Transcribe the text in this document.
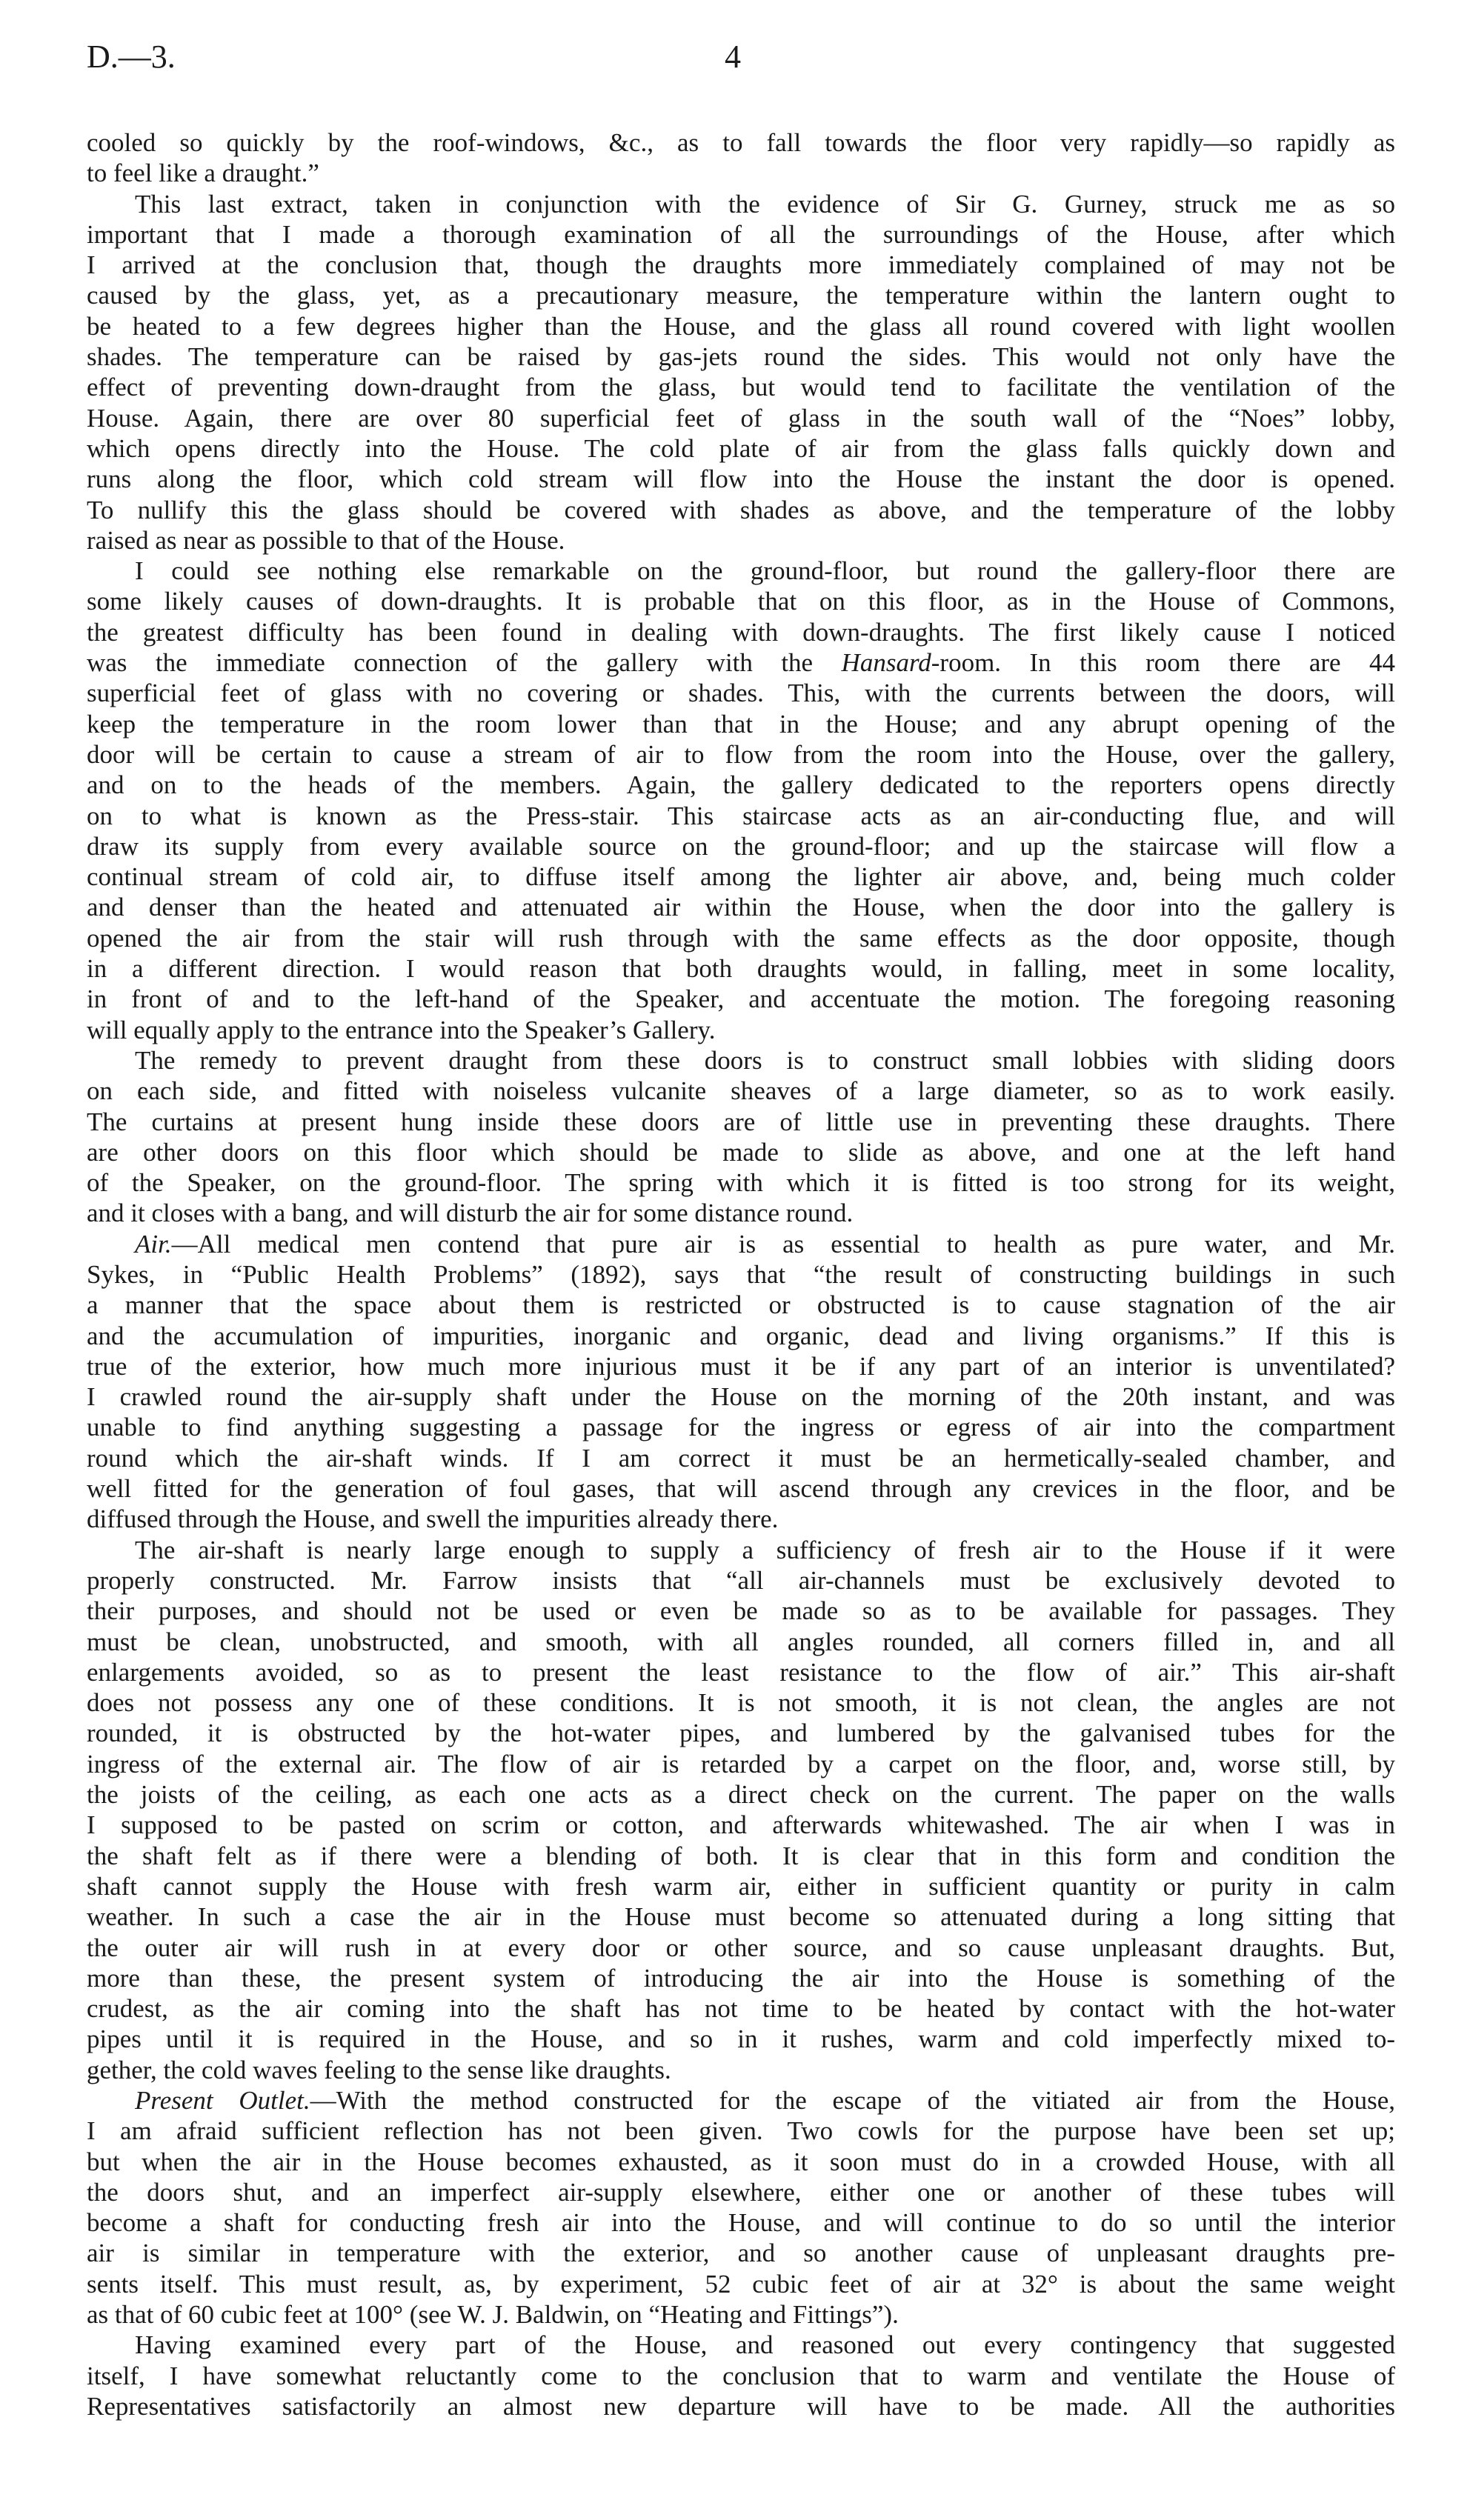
D.—3.	4
cooled so quickly by the roof-windows, &c., as to fall towards the floor very rapidly—so rapidly as
to feel like a draught.”
This last extract, taken in conjunction with the evidence of Sir G. Gurney, struck me as so
important that I made a thorough examination of all the surroundings of the House, after which
I arrived at the conclusion that, though the draughts more immediately complained of may not be
caused by the glass, yet, as a precautionary measure, the temperature within the lantern ought to
be heated to a few degrees higher than the House, and the glass all round covered with light woollen
shades. The temperature can be raised by gas-jets round the sides. This would not only have the
effect of preventing down-draught from the glass, but would tend to facilitate the ventilation of the
House. Again, there are over 80 superficial feet of glass in the south wall of the “Noes” lobby,
which opens directly into the House. The cold plate of air from the glass falls quickly down and
runs along the floor, which cold stream will flow into the House the instant the door is opened.
To nullify this the glass should be covered with shades as above, and the temperature of the lobby
raised as near as possible to that of the House.
I could see nothing else remarkable on the ground-floor, but round the gallery-floor there are
some likely causes of down-draughts. It is probable that on this floor, as in the House of Commons,
the greatest difficulty has been found in dealing with down-draughts. The first likely cause I noticed
was the immediate connection of the gallery with the Hansard-room. In this room there are 44
superficial feet of glass with no covering or shades. This, with the currents between the doors, will
keep the temperature in the room lower than that in the House; and any abrupt opening of the
door will be certain to cause a stream of air to flow from the room into the House, over the gallery,
and on to the heads of the members. Again, the gallery dedicated to the reporters opens directly
on to what is known as the Press-stair. This staircase acts as an air-conducting flue, and will
draw its supply from every available source on the ground-floor; and up the staircase will flow a
continual stream of cold air, to diffuse itself among the lighter air above, and, being much colder
and denser than the heated and attenuated air within the House, when the door into the gallery is
opened the air from the stair will rush through with the same effects as the door opposite, though
in a different direction. I would reason that both draughts would, in falling, meet in some locality,
in front of and to the left-hand of the Speaker, and accentuate the motion. The foregoing reasoning
will equally apply to the entrance into the Speaker’s Gallery.
The remedy to prevent draught from these doors is to construct small lobbies with sliding doors
on each side, and fitted with noiseless vulcanite sheaves of a large diameter, so as to work easily.
The curtains at present hung inside these doors are of little use in preventing these draughts. There
are other doors on this floor which should be made to slide as above, and one at the left hand
of the Speaker, on the ground-floor. The spring with which it is fitted is too strong for its weight,
and it closes with a bang, and will disturb the air for some distance round.
Air.—All medical men contend that pure air is as essential to health as pure water, and Mr.
Sykes, in “Public Health Problems” (1892), says that “the result of constructing buildings in such
a manner that the space about them is restricted or obstructed is to cause stagnation of the air
and the accumulation of impurities, inorganic and organic, dead and living organisms.” If this is
true of the exterior, how much more injurious must it be if any part of an interior is unventilated?
I crawled round the air-supply shaft under the House on the morning of the 20th instant, and was
unable to find anything suggesting a passage for the ingress or egress of air into the compartment
round which the air-shaft winds. If I am correct it must be an hermetically-sealed chamber, and
well fitted for the generation of foul gases, that will ascend through any crevices in the floor, and be
diffused through the House, and swell the impurities already there.
The air-shaft is nearly large enough to supply a sufficiency of fresh air to the House if it were
properly constructed. Mr. Farrow insists that “all air-channels must be exclusively devoted to
their purposes, and should not be used or even be made so as to be available for passages. They
must be clean, unobstructed, and smooth, with all angles rounded, all corners filled in, and all
enlargements avoided, so as to present the least resistance to the flow of air.” This air-shaft
does not possess any one of these conditions. It is not smooth, it is not clean, the angles are not
rounded, it is obstructed by the hot-water pipes, and lumbered by the galvanised tubes for the
ingress of the external air. The flow of air is retarded by a carpet on the floor, and, worse still, by
the joists of the ceiling, as each one acts as a direct check on the current. The paper on the walls
I supposed to be pasted on scrim or cotton, and afterwards whitewashed. The air when I was in
the shaft felt as if there were a blending of both. It is clear that in this form and condition the
shaft cannot supply the House with fresh warm air, either in sufficient quantity or purity in calm
weather. In such a case the air in the House must become so attenuated during a long sitting that
the outer air will rush in at every door or other source, and so cause unpleasant draughts. But,
more than these, the present system of introducing the air into the House is something of the
crudest, as the air coming into the shaft has not time to be heated by contact with the hot-water
pipes until it is required in the House, and so in it rushes, warm and cold imperfectly mixed to-
gether, the cold waves feeling to the sense like draughts.
Present Outlet.—With the method constructed for the escape of the vitiated air from the House,
I am afraid sufficient reflection has not been given. Two cowls for the purpose have been set up;
but when the air in the House becomes exhausted, as it soon must do in a crowded House, with all
the doors shut, and an imperfect air-supply elsewhere, either one or another of these tubes will
become a shaft for conducting fresh air into the House, and will continue to do so until the interior
air is similar in temperature with the exterior, and so another cause of unpleasant draughts pre-
sents itself. This must result, as, by experiment, 52 cubic feet of air at 32° is about the same weight
as that of 60 cubic feet at 100° (see W. J. Baldwin, on “Heating and Fittings”).
Having examined every part of the House, and reasoned out every contingency that suggested
itself, I have somewhat reluctantly come to the conclusion that to warm and ventilate the House of
Representatives satisfactorily an almost new departure will have to be made. All the authorities
